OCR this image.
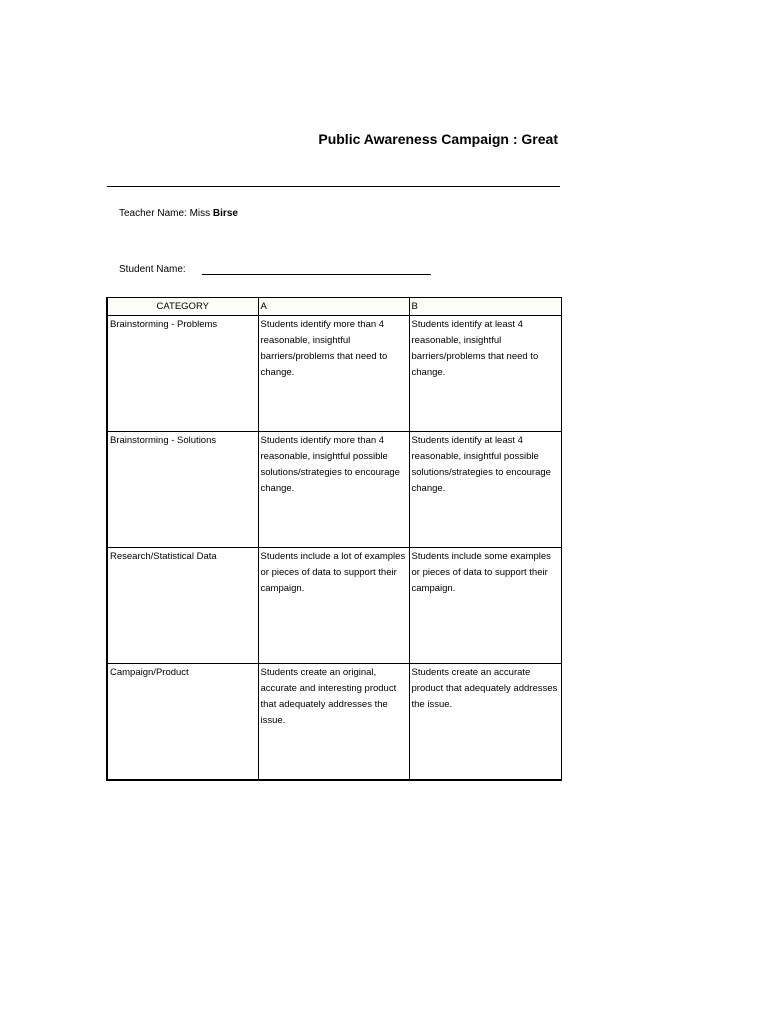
Public Awareness Campaign : Great
Teacher Name: Miss Birse
Student Name:
CATEGORY	A	B
Brainstorming - Problems	Students identify more than 4 reasonable, insightful barriers/problems that need to change.	Students identify at least 4 reasonable, insightful barriers/problems that need to change.
Brainstorming - Solutions	Students identify more than 4 reasonable, insightful possible solutions/strategies to encourage change.	Students identify at least 4 reasonable, insightful possible solutions/strategies to encourage change.
Research/Statistical Data	Students include a lot of examples or pieces of data to support their campaign.	Students include some examples or pieces of data to support their campaign.
Campaign/Product	Students create an original, accurate and interesting product that adequately addresses the issue.	Students create an accurate product that adequately addresses the issue.
